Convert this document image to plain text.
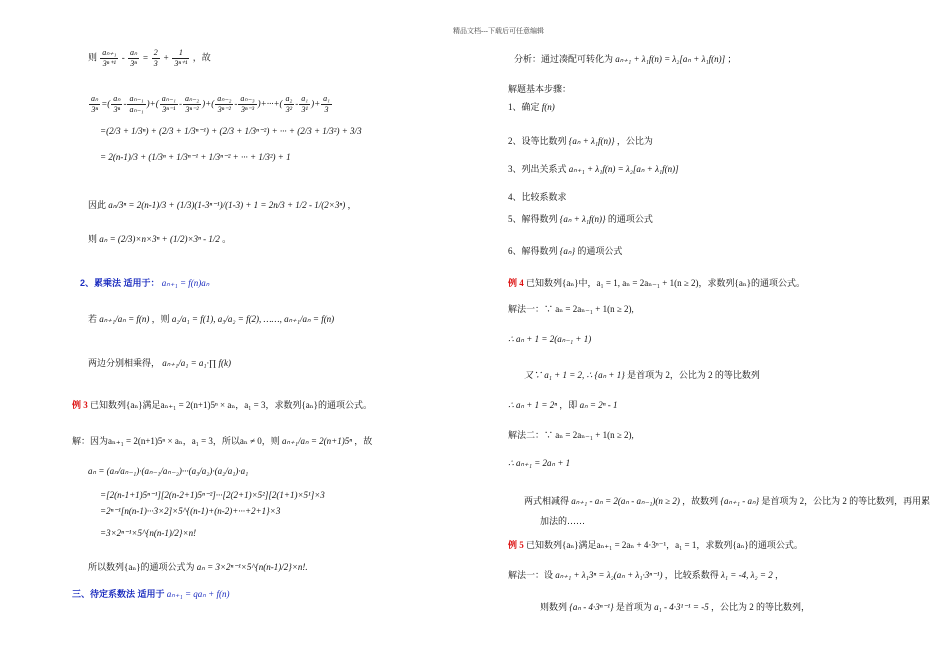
精品文档---下载后可任意编辑
则 $\frac{\text{aₙ₊₁}}{\text{3ⁿ⁺¹}} - \frac{\text{aₙ}}{\text{3ⁿ}} = \frac{2}{3} + \frac{1}{\text{3ⁿ⁺¹}}$ ，故
$\frac{\text{aₙ}}{\text{3ⁿ}}$ =( $\frac{\text{aₙ}}{\text{3ⁿ}} - \frac{\text{aₙ₋₁}}{\text{aₙ₋₁}}$ )+( $\frac{\text{aₙ₋₁}}{\text{3ⁿ⁻¹}} - \frac{\text{aₙ₋₂}}{\text{3ⁿ⁻²}}$ )+( $\frac{\text{aₙ₋₂}}{\text{3ⁿ⁻²}} - \frac{\text{aₙ₋₃}}{\text{3ⁿ⁻³}}$ )+···+( $\frac{\text{a₂}}{\text{3²}} - \frac{\text{a₁}}{\text{3¹}}$ )+ $\frac{\text{a₁}}{3}$
=(2/3 + 1/3ⁿ) + (2/3 + 1/3ⁿ⁻¹) + (2/3 + 1/3ⁿ⁻²) + ··· + (2/3 + 1/3²) + 3/3
= 2(n-1)/3 + (1/3ⁿ + 1/3ⁿ⁻¹ + 1/3ⁿ⁻² + ··· + 1/3²) + 1
因此 aₙ/3ⁿ = 2(n-1)/3 + (1/3)(1-3ⁿ⁻¹)/(1-3) + 1 = 2n/3 + 1/2 - 1/(2×3ⁿ) ，
则 aₙ = (2/3)×n×3ⁿ + (1/2)×3ⁿ - 1/2 。
2、累乘法 适用于： aₙ₊₁ = f(n)aₙ
若 aₙ₊₁/aₙ = f(n) ，则 a₂/a₁ = f(1), a₃/a₂ = f(2), ……, aₙ₊₁/aₙ = f(n)
两边分别相乘得， aₙ₊₁/a₁ = a₁·∏ f(k)
例 3 已知数列{aₙ}满足aₙ₊₁ = 2(n+1)5ⁿ × aₙ，a₁ = 3，求数列{aₙ}的通项公式。
解：因为aₙ₊₁ = 2(n+1)5ⁿ × aₙ，a₁ = 3，所以aₙ ≠ 0，则 aₙ₊₁/aₙ = 2(n+1)5ⁿ ，故
aₙ = (aₙ/aₙ₋₁)·(aₙ₋₁/aₙ₋₂)···(a₃/a₂)·(a₂/a₁)·a₁
=[2(n-1+1)5ⁿ⁻¹][2(n-2+1)5ⁿ⁻²]···[2(2+1)×5²][2(1+1)×5¹]×3
=2ⁿ⁻¹[n(n-1)···3×2]×5^{(n-1)+(n-2)+···+2+1}×3
=3×2ⁿ⁻¹×5^{n(n-1)/2}×n!
所以数列{aₙ}的通项公式为 aₙ = 3×2ⁿ⁻¹×5^{n(n-1)/2}×n!.
三、待定系数法 适用于 aₙ₊₁ = qaₙ + f(n)
分析：通过凑配可转化为 aₙ₊₁ + λ₁f(n) = λ₂[aₙ + λ₁f(n)] ；
解题基本步骤：
1、确定 f(n)
2、设等比数列 {aₙ + λ₁f(n)} ，公比为
3、列出关系式 aₙ₊₁ + λ₁f(n) = λ₂[aₙ + λ₁f(n)]
4、比较系数求
5、解得数列 {aₙ + λ₁f(n)} 的通项公式
6、解得数列 {aₙ} 的通项公式
例 4 已知数列{aₙ}中，a₁ = 1, aₙ = 2aₙ₋₁ + 1(n ≥ 2)，求数列{aₙ}的通项公式。
解法一：∵ aₙ = 2aₙ₋₁ + 1(n ≥ 2),
∴ aₙ + 1 = 2(aₙ₋₁ + 1)
又∵ a₁ + 1 = 2, ∴ {aₙ + 1} 是首项为 2，公比为 2 的等比数列
∴ aₙ + 1 = 2ⁿ ，即 aₙ = 2ⁿ - 1
解法二：∵ aₙ = 2aₙ₋₁ + 1(n ≥ 2),
∴ aₙ₊₁ = 2aₙ + 1
两式相减得 aₙ₊₁ - aₙ = 2(aₙ - aₙ₋₁)(n ≥ 2) ，故数列 {aₙ₊₁ - aₙ} 是首项为 2，公比为 2 的等比数列，再用累
加法的……
例 5 已知数列{aₙ}满足aₙ₊₁ = 2aₙ + 4·3ⁿ⁻¹，a₁ = 1，求数列{aₙ}的通项公式。
解法一：设 aₙ₊₁ + λ₁3ⁿ = λ₂(aₙ + λ₁·3ⁿ⁻¹) ，比较系数得 λ₁ = -4, λ₂ = 2 ，
则数列 {aₙ - 4·3ⁿ⁻¹} 是首项为 a₁ - 4·3¹⁻¹ = -5 ，公比为 2 的等比数列，
